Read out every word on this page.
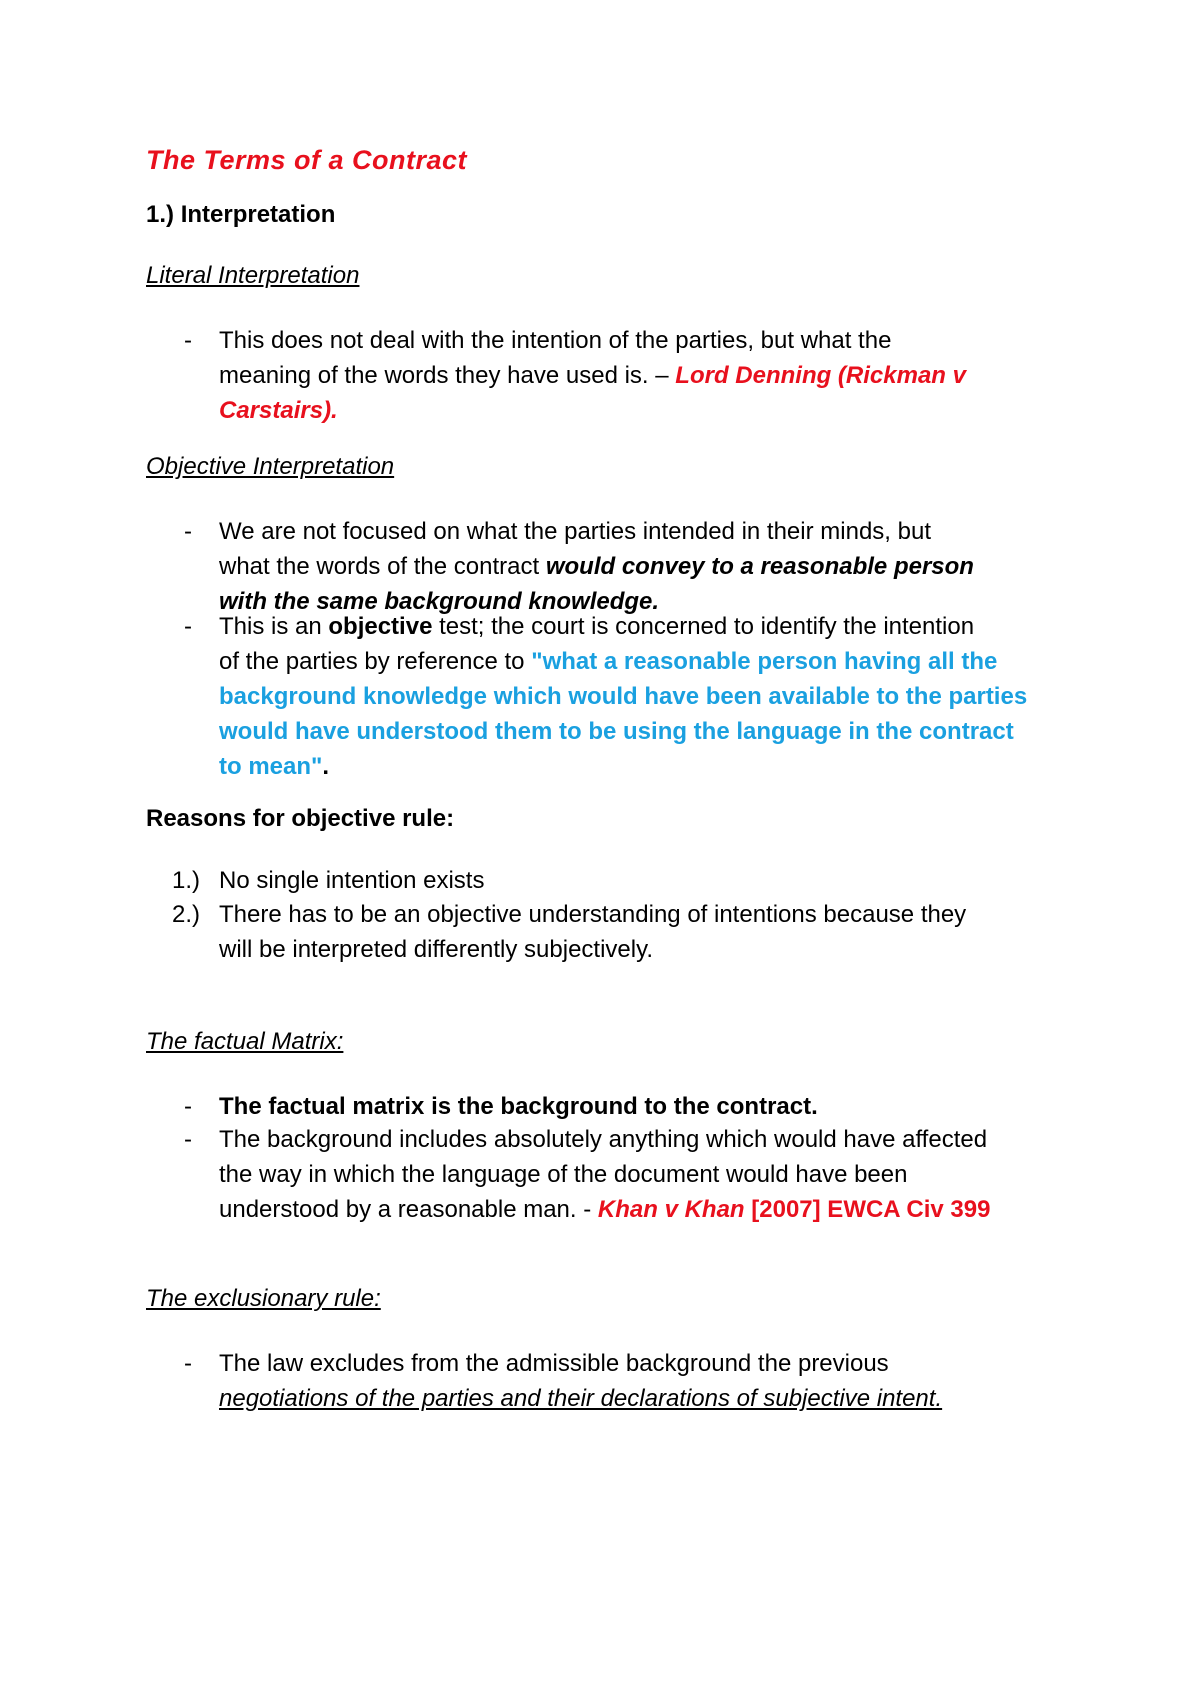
The Terms of a Contract
1.) Interpretation
Literal Interpretation
- This does not deal with the intention of the parties, but what the
meaning of the words they have used is. – Lord Denning (Rickman v
Carstairs).
Objective Interpretation
- We are not focused on what the parties intended in their minds, but
what the words of the contract would convey to a reasonable person
with the same background knowledge.
- This is an objective test; the court is concerned to identify the intention
of the parties by reference to "what a reasonable person having all the
background knowledge which would have been available to the parties
would have understood them to be using the language in the contract
to mean".
Reasons for objective rule:
1.) No single intention exists
2.) There has to be an objective understanding of intentions because they
will be interpreted differently subjectively.
The factual Matrix:
- The factual matrix is the background to the contract.
- The background includes absolutely anything which would have affected
the way in which the language of the document would have been
understood by a reasonable man. - Khan v Khan [2007] EWCA Civ 399
The exclusionary rule:
- The law excludes from the admissible background the previous
negotiations of the parties and their declarations of subjective intent.
